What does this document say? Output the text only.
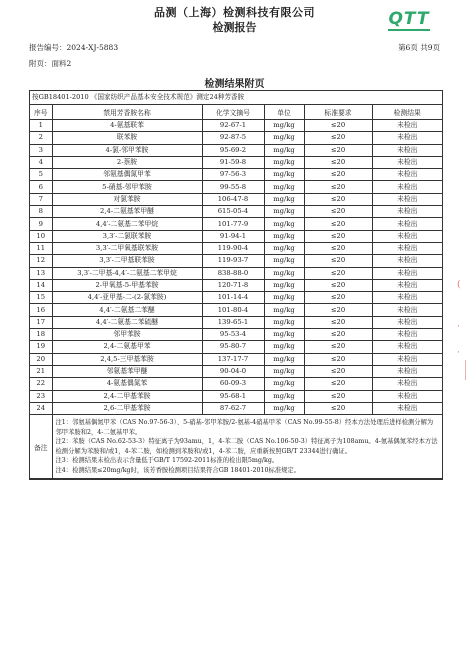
品测（上海）检测科技有限公司
检测报告	QTT
报告编号：2024-XJ-5883	第6页 共9页
附页：面料2
检测结果附页
按GB18401-2010 《国家纺织产品基本安全技术规范》测定24种芳香胺
序号	禁用芳香胺名称	化学文摘号	单位	标准要求	检测结果
1	4-氨基联苯	92-67-1	mg/kg	≤20	未检出
2	联苯胺	92-87-5	mg/kg	≤20	未检出
3	4-氯-邻甲苯胺	95-69-2	mg/kg	≤20	未检出
4	2-萘胺	91-59-8	mg/kg	≤20	未检出
5	邻氨基偶氮甲苯	97-56-3	mg/kg	≤20	未检出
6	5-硝基-邻甲苯胺	99-55-8	mg/kg	≤20	未检出
7	对氯苯胺	106-47-8	mg/kg	≤20	未检出
8	2,4-二氨基苯甲醚	615-05-4	mg/kg	≤20	未检出
9	4,4′-二氨基二苯甲烷	101-77-9	mg/kg	≤20	未检出
10	3,3′-二氯联苯胺	91-94-1	mg/kg	≤20	未检出
11	3,3′-二甲氧基联苯胺	119-90-4	mg/kg	≤20	未检出
12	3,3′-二甲基联苯胺	119-93-7	mg/kg	≤20	未检出
13	3,3′-二甲基-4,4′-二氨基二苯甲烷	838-88-0	mg/kg	≤20	未检出
14	2-甲氧基-5-甲基苯胺	120-71-8	mg/kg	≤20	未检出
15	4,4′-亚甲基-二-(2-氯苯胺)	101-14-4	mg/kg	≤20	未检出
16	4,4′-二氨基二苯醚	101-80-4	mg/kg	≤20	未检出
17	4,4′-二氨基二苯硫醚	139-65-1	mg/kg	≤20	未检出
18	邻甲苯胺	95-53-4	mg/kg	≤20	未检出
19	2,4-二氨基甲苯	95-80-7	mg/kg	≤20	未检出
20	2,4,5-三甲基苯胺	137-17-7	mg/kg	≤20	未检出
21	邻氨基苯甲醚	90-04-0	mg/kg	≤20	未检出
22	4-氨基偶氮苯	60-09-3	mg/kg	≤20	未检出
23	2,4-二甲基苯胺	95-68-1	mg/kg	≤20	未检出
24	2,6-二甲基苯胺	87-62-7	mg/kg	≤20	未检出
备注	注1：邻氨基偶氮甲苯（CAS No.97-56-3）、5-硝基-邻甲苯胺/2-氨基-4硝基甲苯（CAS No.99-55-8）经本方法处理后进样检测分解为邻甲苯胺和2，4-二氨基甲苯。
注2：苯胺（CAS No.62-53-3）特征离子为93amu，1，4-苯二胺（CAS No.106-50-3）特征离子为108amu。4-氨基偶氮苯经本方法检测分解为苯胺和/或1，4-苯二胺，如检测到苯胺和/或1，4-苯二胺，应重新按照GB/T 23344进行确证。
注3：检测结果未检出表示含量低于GB/T 17592-2011标准的检出限5mg/kg。
注4：检测结果≤20mg/kg时，该芳香胺检测项目结果符合GB 18401-2010标准规定。				
(
·
·
